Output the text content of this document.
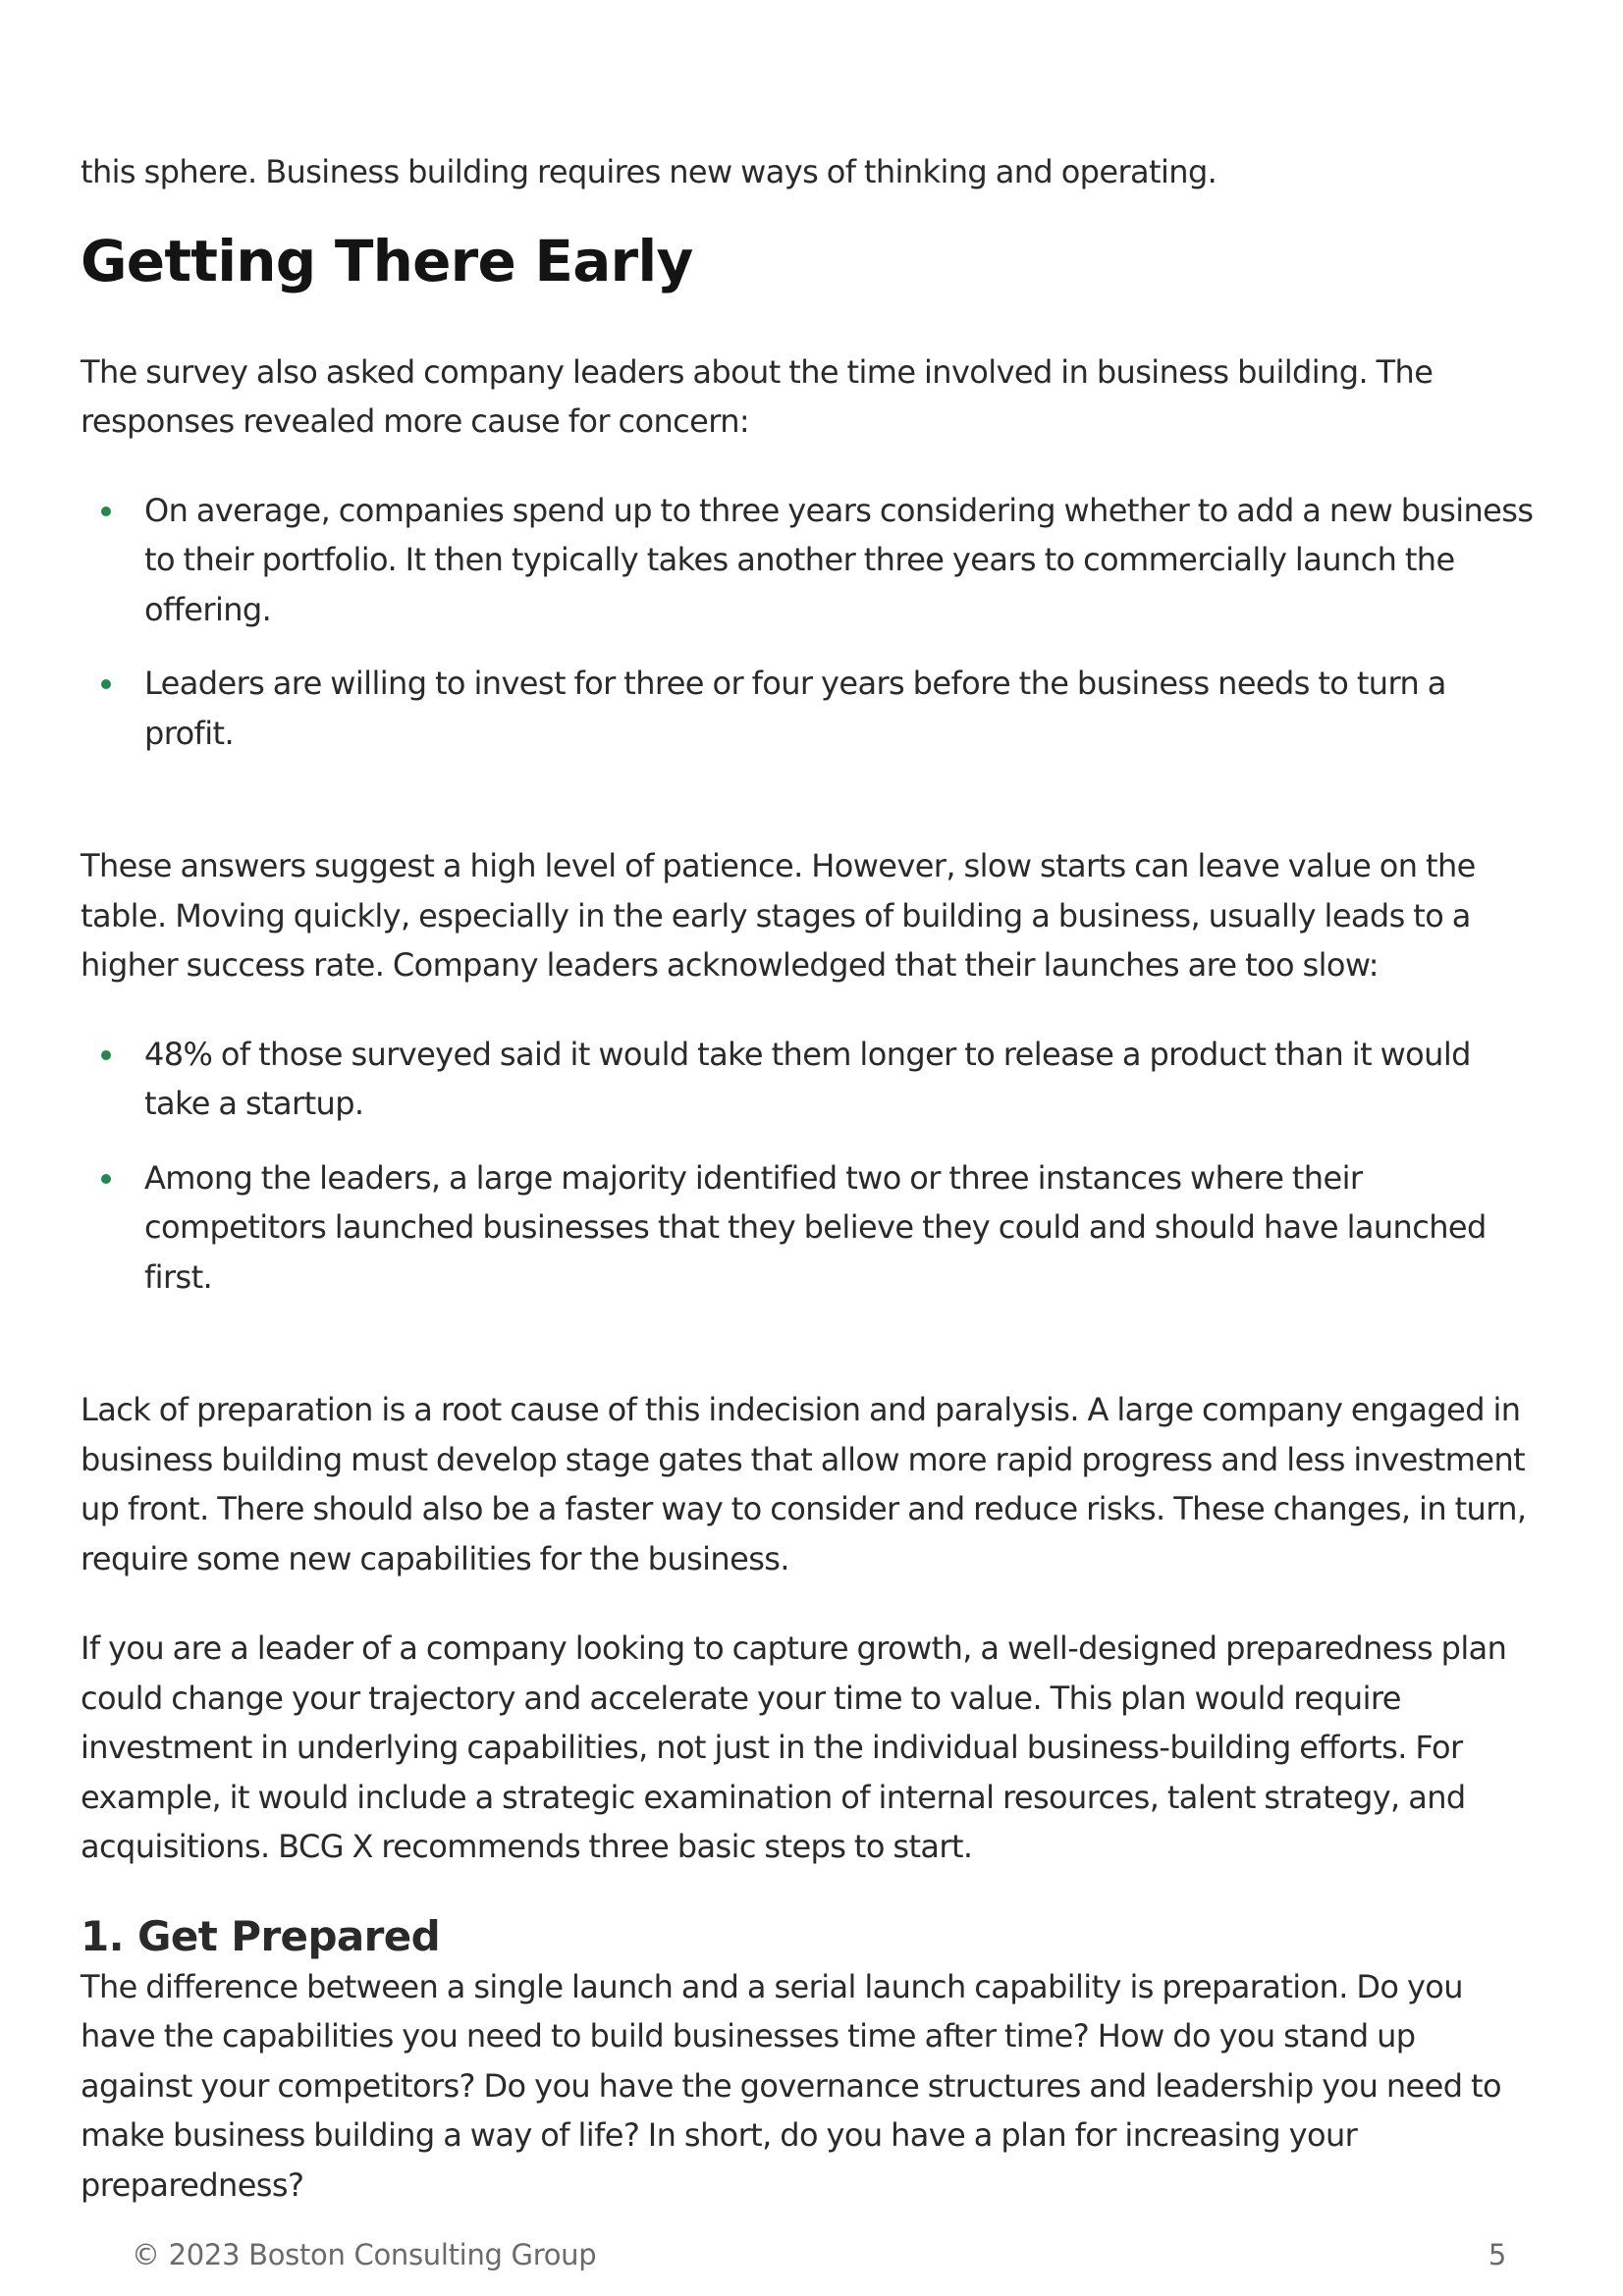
this sphere. Business building requires new ways of thinking and operating.

Getting There Early

The survey also asked company leaders about the time involved in business building. The responses revealed more cause for concern:

On average, companies spend up to three years considering whether to add a new business to their portfolio. It then typically takes another three years to commercially launch the offering.
Leaders are willing to invest for three or four years before the business needs to turn a profit.

These answers suggest a high level of patience. However, slow starts can leave value on the table. Moving quickly, especially in the early stages of building a business, usually leads to a higher success rate. Company leaders acknowledged that their launches are too slow:

48% of those surveyed said it would take them longer to release a product than it would take a startup.
Among the leaders, a large majority identified two or three instances where their competitors launched businesses that they believe they could and should have launched first.

Lack of preparation is a root cause of this indecision and paralysis. A large company engaged in business building must develop stage gates that allow more rapid progress and less investment up front. There should also be a faster way to consider and reduce risks. These changes, in turn, require some new capabilities for the business.

If you are a leader of a company looking to capture growth, a well-designed preparedness plan could change your trajectory and accelerate your time to value. This plan would require investment in underlying capabilities, not just in the individual business-building efforts. For example, it would include a strategic examination of internal resources, talent strategy, and acquisitions. BCG X recommends three basic steps to start.

1. Get Prepared

The difference between a single launch and a serial launch capability is preparation. Do you have the capabilities you need to build businesses time after time? How do you stand up against your competitors? Do you have the governance structures and leadership you need to make business building a way of life? In short, do you have a plan for increasing your preparedness?

© 2023 Boston Consulting Group	5
